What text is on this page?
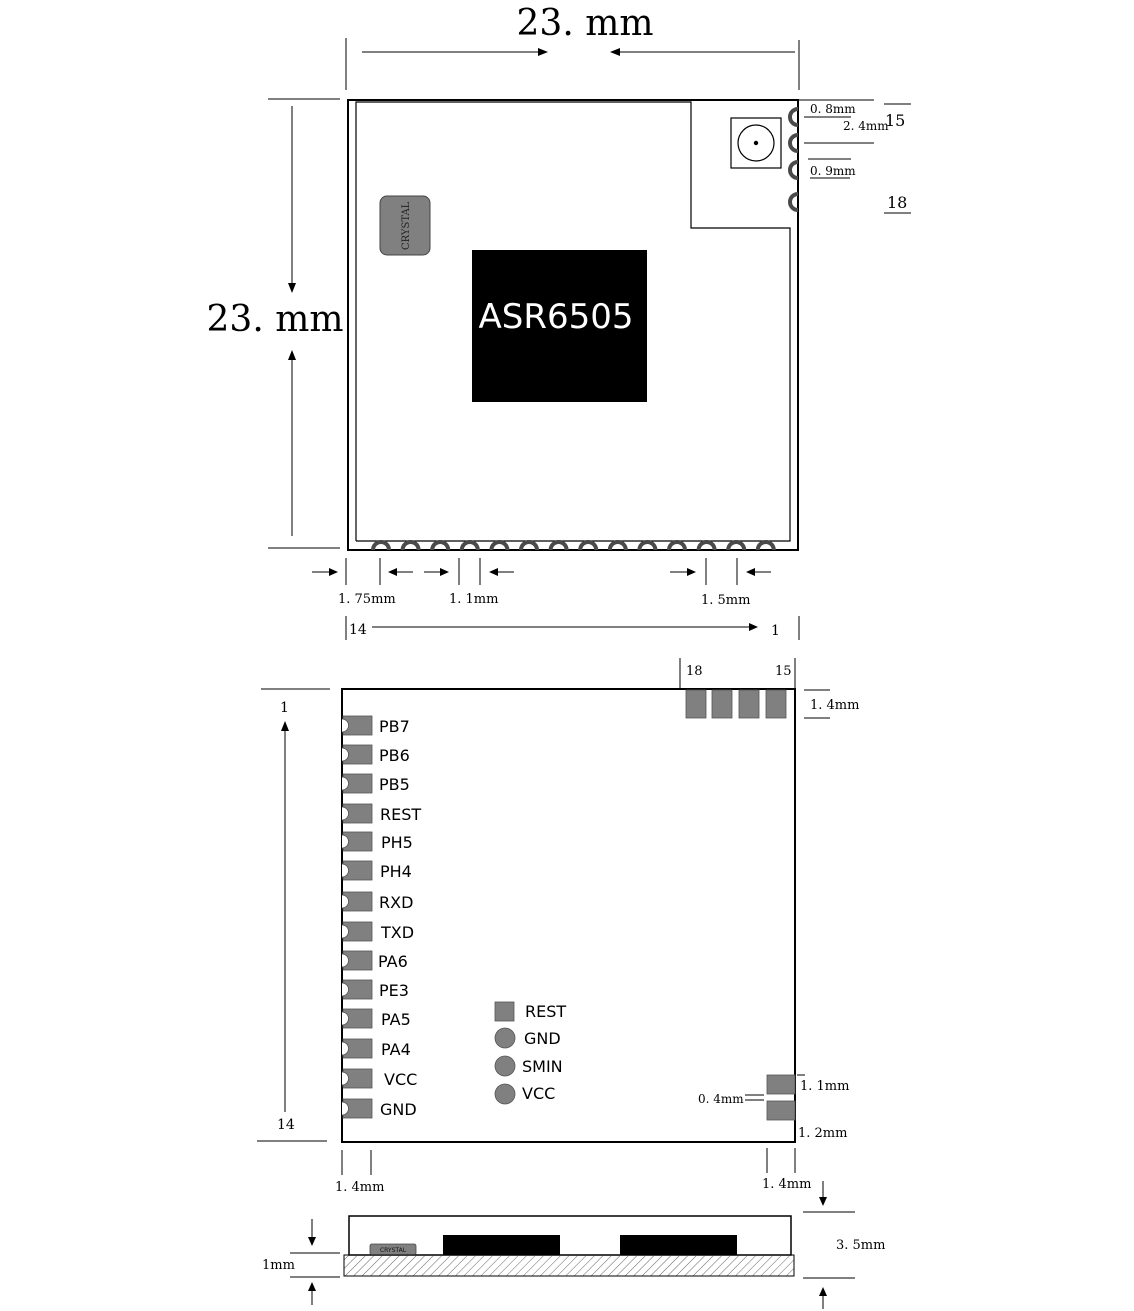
23. mm
23. mm
CRYSTAL
ASR6505
0. 8mm
2. 4mm
0. 9mm
15
18
1. 75mm	1. 1mm	1. 5mm
14	1
18	15
1. 4mm
1
14
PB7
PB6
PB5
REST
PH5
PH4
RXD
TXD
PA6
PE3
PA5
PA4
VCC
GND
REST
GND
SMIN
VCC	0. 4mm
1. 1mm
1. 2mm
1. 4mm	1. 4mm
3. 5mm
CRYSTAL
1mm
